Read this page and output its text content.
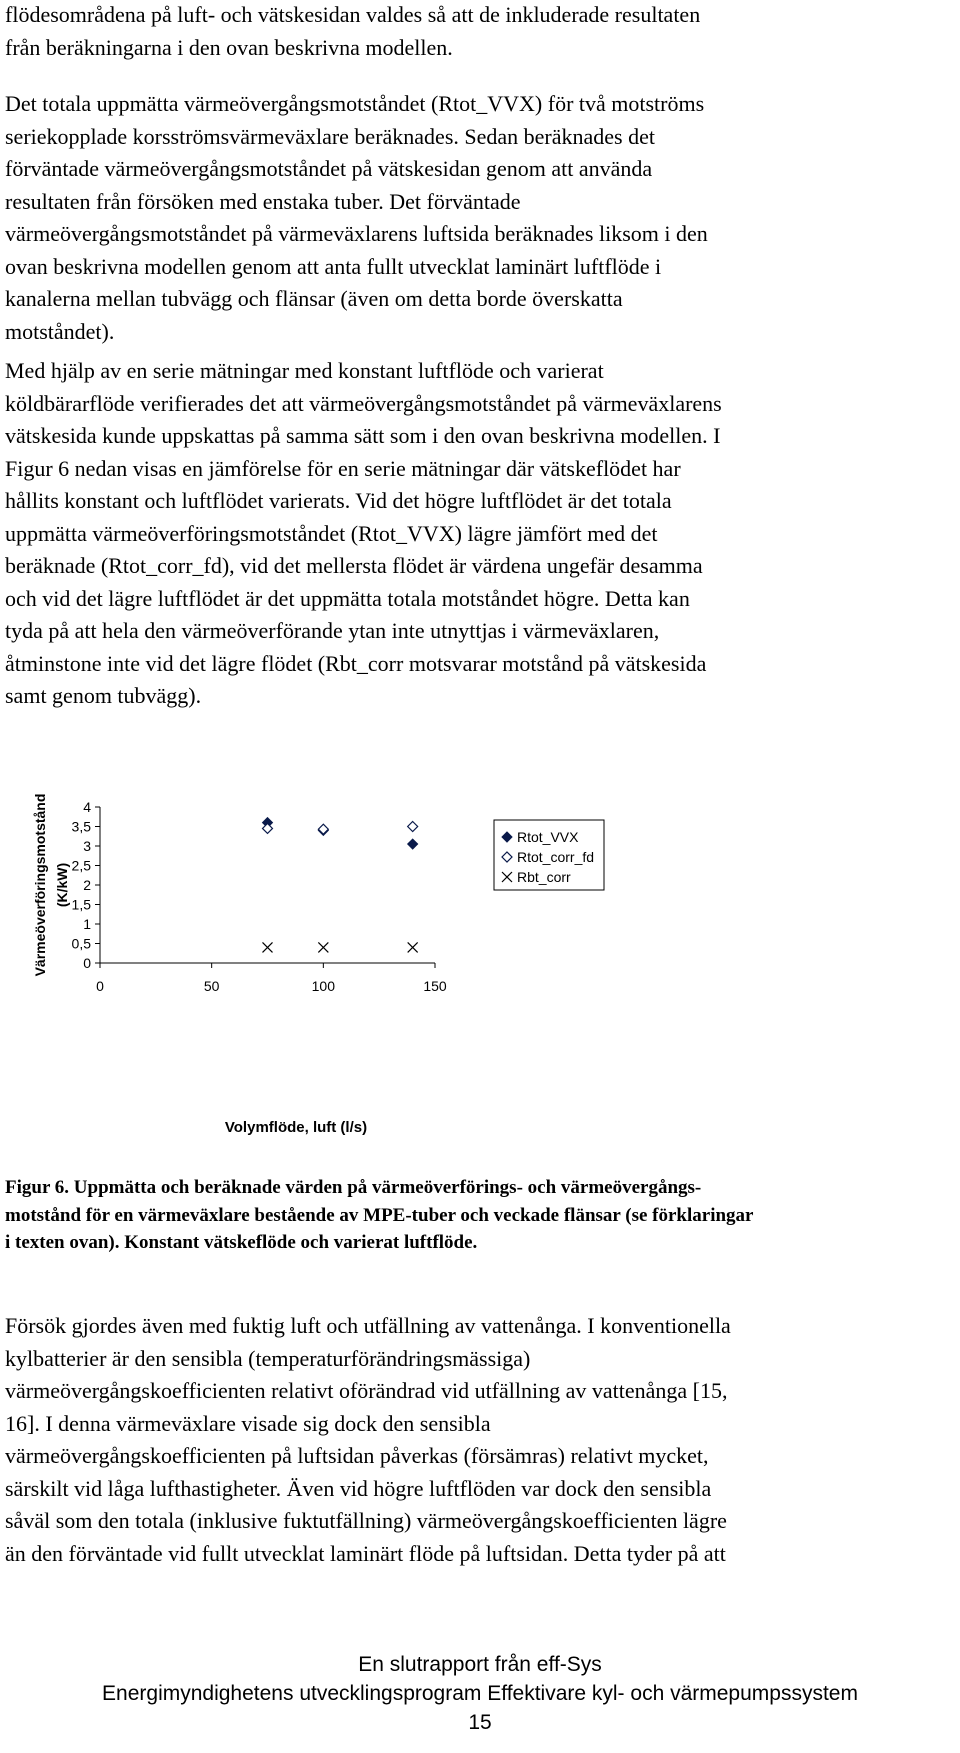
flödesområdena på luft- och vätskesidan valdes så att de inkluderade resultaten
från beräkningarna i den ovan beskrivna modellen.
Det totala uppmätta värmeövergångsmotståndet (Rtot_VVX) för två motströms
seriekopplade korsströmsvärmeväxlare beräknades. Sedan beräknades det
förväntade värmeövergångsmotståndet på vätskesidan genom att använda
resultaten från försöken med enstaka tuber. Det förväntade
värmeövergångsmotståndet på värmeväxlarens luftsida beräknades liksom i den
ovan beskrivna modellen genom att anta fullt utvecklat laminärt luftflöde i
kanalerna mellan tubvägg och flänsar (även om detta borde överskatta
motståndet).
Med hjälp av en serie mätningar med konstant luftflöde och varierat
köldbärarflöde verifierades det att värmeövergångsmotståndet på värmeväxlarens
vätskesida kunde uppskattas på samma sätt som i den ovan beskrivna modellen. I
Figur 6 nedan visas en jämförelse för en serie mätningar där vätskeflödet har
hållits konstant och luftflödet varierats. Vid det högre luftflödet är det totala
uppmätta värmeöverföringsmotståndet (Rtot_VVX) lägre jämfört med det
beräknade (Rtot_corr_fd), vid det mellersta flödet är värdena ungefär desamma
och vid det lägre luftflödet är det uppmätta totala motståndet högre. Detta kan
tyda på att hela den värmeöverförande ytan inte utnyttjas i värmeväxlaren,
åtminstone inte vid det lägre flödet (Rbt_corr motsvarar motstånd på vätskesida
samt genom tubvägg).
Värmeöverföringsmotstånd (K/kW)
0
0,5
1
1,5
2
2,5
3
3,5
4
0	50	100	150
Volymflöde, luft (l/s)
Rtot_VVX
Rtot_corr_fd
Rbt_corr
Figur 6. Uppmätta och beräknade värden på värmeöverförings- och värmeövergångs-
motstånd för en värmeväxlare bestående av MPE-tuber och veckade flänsar (se förklaringar
i texten ovan). Konstant vätskeflöde och varierat luftflöde.
Försök gjordes även med fuktig luft och utfällning av vattenånga. I konventionella
kylbatterier är den sensibla (temperaturförändringsmässiga)
värmeövergångskoefficienten relativt oförändrad vid utfällning av vattenånga [15,
16]. I denna värmeväxlare visade sig dock den sensibla
värmeövergångskoefficienten på luftsidan påverkas (försämras) relativt mycket,
särskilt vid låga lufthastigheter. Även vid högre luftflöden var dock den sensibla
såväl som den totala (inklusive fuktutfällning) värmeövergångskoefficienten lägre
än den förväntade vid fullt utvecklat laminärt flöde på luftsidan. Detta tyder på att
En slutrapport från eff-Sys
Energimyndighetens utvecklingsprogram Effektivare kyl- och värmepumpssystem
15
